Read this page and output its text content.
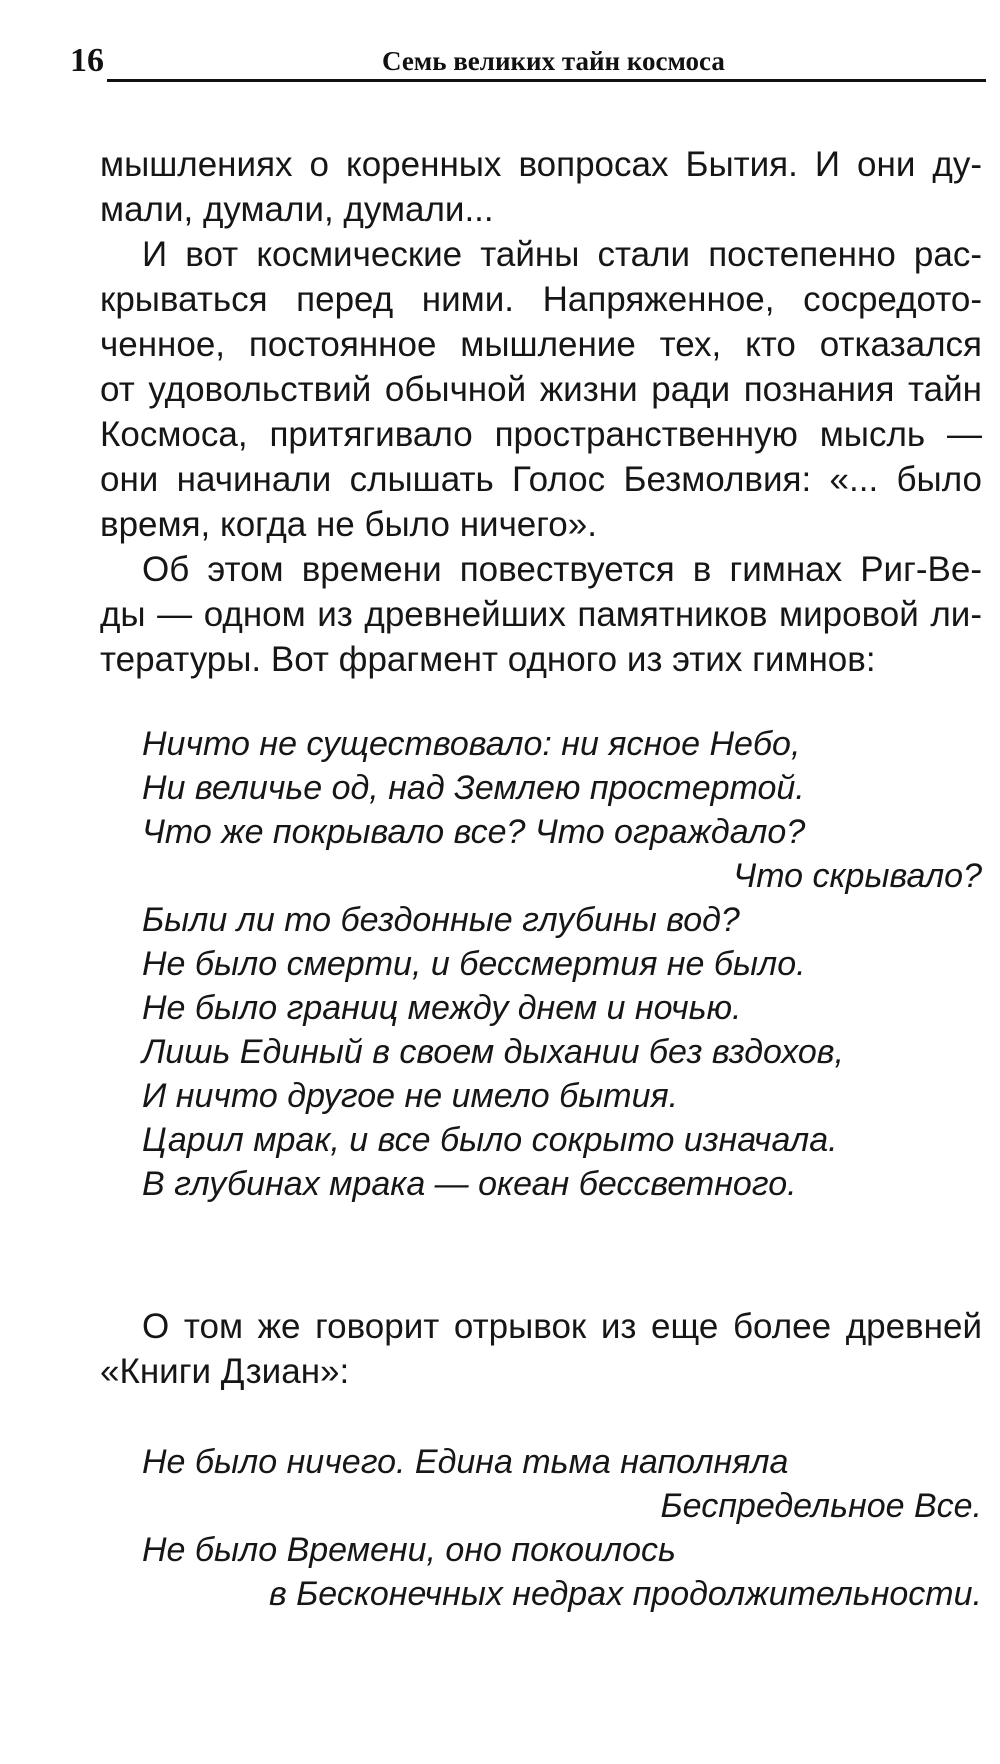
16	Семь великих тайн космоса

мышлениях о коренных вопросах Бытия. И они ду-

мали, думали, думали...

И вот космические тайны стали постепенно рас-

крываться перед ними. Напряженное, сосредото-

ченное, постоянное мышление тех, кто отказался

от удовольствий обычной жизни ради познания тайн

Космоса, притягивало пространственную мысль —

они начинали слышать Голос Безмолвия: «... было

время, когда не было ничего».

Об этом времени повествуется в гимнах Риг-Ве-

ды — одном из древнейших памятников мировой ли-

тературы. Вот фрагмент одного из этих гимнов:

Ничто не существовало: ни ясное Небо,

Ни величье од, над Землею простертой.

Что же покрывало все? Что ограждало?

Что скрывало?

Были ли то бездонные глубины вод?

Не было смерти, и бессмертия не было.

Не было границ между днем и ночью.

Лишь Единый в своем дыхании без вздохов,

И ничто другое не имело бытия.

Царил мрак, и все было сокрыто изначала.

В глубинах мрака — океан бессветного.

О том же говорит отрывок из еще более древней

«Книги Дзиан»:

Не было ничего. Едина тьма наполняла

Беспредельное Все.

Не было Времени, оно покоилось

в Бесконечных недрах продолжительности.
